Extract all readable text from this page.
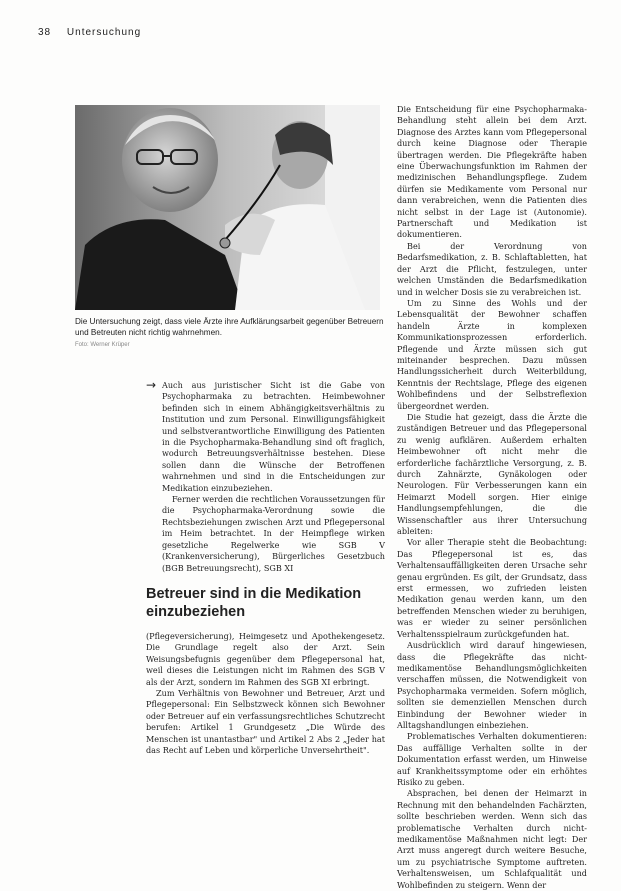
38 Untersuchung
Die Untersuchung zeigt, dass viele Ärzte ihre Aufklärungsarbeit gegenüber Betreuern und Betreuten nicht richtig wahrnehmen.
Foto: Werner Krüper
→ Auch aus juristischer Sicht ist die Gabe von Psychopharmaka zu betrachten. Heimbewohner befinden sich in einem Abhängigkeitsverhältnis zu Institution und zum Personal. Einwilligungsfähigkeit und selbstverantwortliche Einwilligung des Patienten in die Psychopharmaka-Behandlung sind oft fraglich, wodurch Betreuungsverhältnisse bestehen. Diese sollen dann die Wünsche der Betroffenen wahrnehmen und sind in die Entscheidungen zur Medikation einzubeziehen.

Ferner werden die rechtlichen Voraussetzungen für die Psychopharmaka-Verordnung sowie die Rechtsbeziehungen zwischen Arzt und Pflegepersonal im Heim betrachtet. In der Heimpflege wirken gesetzliche Regelwerke wie SGB V (Krankenversicherung), Bürgerliches Gesetzbuch (BGB Betreuungsrecht), SGB XI

Betreuer sind in die Medikation einzubeziehen

(Pflegeversicherung), Heimgesetz und Apothekengesetz. Die Grundlage regelt also der Arzt. Sein Weisungsbefugnis gegenüber dem Pflegepersonal hat, weil dieses die Leistungen nicht im Rahmen des SGB V als der Arzt, sondern im Rahmen des SGB XI erbringt.

Zum Verhältnis von Bewohner und Betreuer, Arzt und Pflegepersonal: Ein Selbstzweck können sich Bewohner oder Betreuer auf ein verfassungsrechtliches Schutzrecht berufen: Artikel 1 Grundgesetz „Die Würde des Menschen ist unantastbar" und Artikel 2 Abs 2 „Jeder hat das Recht auf Leben und körperliche Unversehrtheit".

Die Entscheidung für eine Psychopharmaka-Behandlung steht allein bei dem Arzt. Diagnose des Arztes kann vom Pflegepersonal durch keine Diagnose oder Therapie übertragen werden. Die Pflegekräfte haben eine Überwachungsfunktion im Rahmen der medizinischen Behandlungspflege. Zudem dürfen sie Medikamente vom Personal nur dann verabreichen, wenn die Patienten dies nicht selbst in der Lage ist (Autonomie). Partnerschaft und Medikation ist dokumentieren.

Bei der Verordnung von Bedarfsmedikation, z. B. Schlaftabletten, hat der Arzt die Pflicht, festzulegen, unter welchen Umständen die Bedarfsmedikation und in welcher Dosis sie zu verabreichen ist.

Um zu Sinne des Wohls und der Lebensqualität der Bewohner schaffen handeln Ärzte in komplexen Kommunikationsprozessen erforderlich. Pflegende und Ärzte müssen sich gut miteinander besprechen. Dazu müssen Handlungssicherheit durch Weiterbildung, Kenntnis der Rechtslage, Pflege des eigenen Wohlbefindens und der Selbstreflexion übergeordnet werden.

Die Studie hat gezeigt, dass die Ärzte die zuständigen Betreuer und das Pflegepersonal zu wenig aufklären. Außerdem erhalten Heimbewohner oft nicht mehr die erforderliche fachärztliche Versorgung, z. B. durch Zahnärzte, Gynäkologen oder Neurologen. Für Verbesserungen kann ein Heimarzt Modell sorgen. Hier einige Handlungsempfehlungen, die die Wissenschaftler aus ihrer Untersuchung ableiten:

Vor aller Therapie steht die Beobachtung: Das Pflegepersonal ist es, das Verhaltensauffälligkeiten deren Ursache sehr genau ergründen. Es gilt, der Grundsatz, dass erst ermessen, wo zufrieden leisten Medikation genau werden kann, um den betreffenden Menschen wieder zu beruhigen, was er wieder zu seiner persönlichen Verhaltensspielraum zurückgefunden hat.

Ausdrücklich wird darauf hingewiesen, dass die Pflegekräfte das nicht-medikamentöse Behandlungsmöglichkeiten verschaffen müssen, die Notwendigkeit von Psychopharmaka vermeiden. Sofern möglich, sollten sie demenziellen Menschen durch Einbindung der Bewohner wieder in Alltagshandlungen einbeziehen.

Problematisches Verhalten dokumentieren: Das auffällige Verhalten sollte in der Dokumentation erfasst werden, um Hinweise auf Krankheitssymptome oder ein erhöhtes Risiko zu geben.

Absprachen, bei denen der Heimarzt in Rechnung mit den behandelnden Fachärzten, sollte beschrieben werden. Wenn sich das problematische Verhalten durch nicht-medikamentöse Maßnahmen nicht legt: Der Arzt muss angeregt durch weitere Besuche, um zu psychiatrische Symptome auftreten. Verhaltensweisen, um Schlafqualität und Wohlbefinden zu steigern. Wenn der
